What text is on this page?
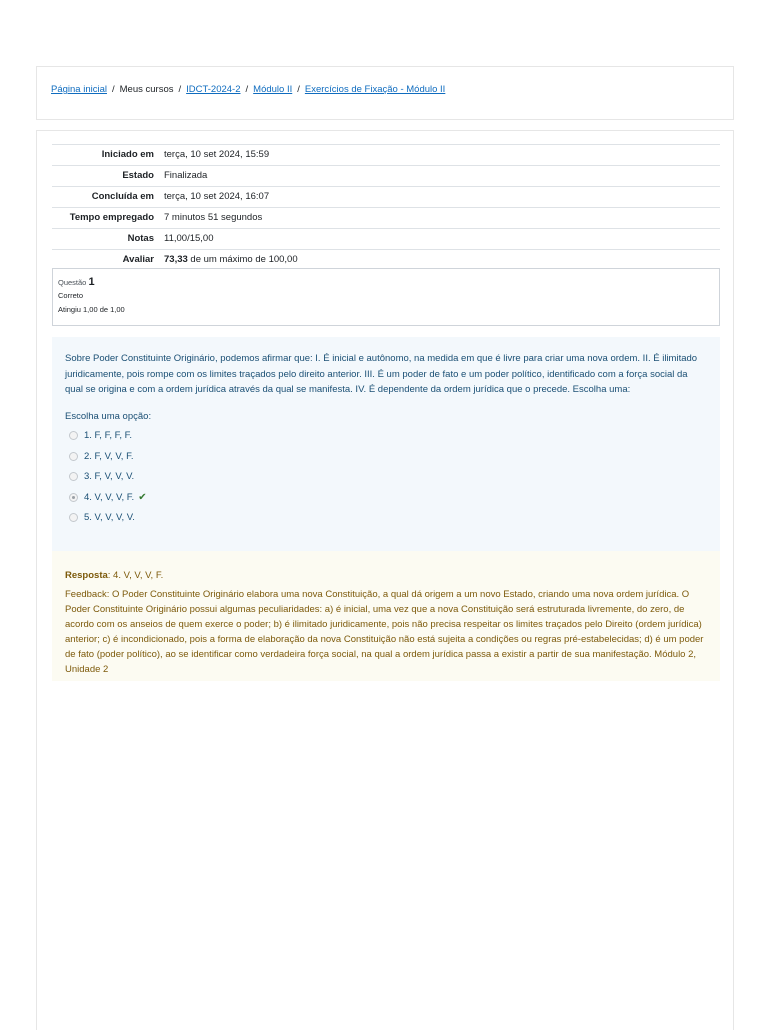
Página inicial / Meus cursos / IDCT-2024-2 / Módulo II / Exercícios de Fixação - Módulo II
Iniciado em	terça, 10 set 2024, 15:59
Estado	Finalizada
Concluída em	terça, 10 set 2024, 16:07
Tempo empregado	7 minutos 51 segundos
Notas	11,00/15,00
Avaliar	73,33 de um máximo de 100,00
Questão 1
Correto
Atingiu 1,00 de 1,00
Sobre Poder Constituinte Originário, podemos afirmar que: I. É inicial e autônomo, na medida em que é livre para criar uma nova ordem. II. É ilimitado juridicamente, pois rompe com os limites traçados pelo direito anterior. III. É um poder de fato e um poder político, identificado com a força social da qual se origina e com a ordem jurídica através da qual se manifesta. IV. É dependente da ordem jurídica que o precede. Escolha uma:
Escolha uma opção:
1. F, F, F, F.
2. F, V, V, F.
3. F, V, V, V.
4. V, V, V, F. ✔
5. V, V, V, V.
Resposta: 4. V, V, V, F.
Feedback: O Poder Constituinte Originário elabora uma nova Constituição, a qual dá origem a um novo Estado, criando uma nova ordem jurídica. O Poder Constituinte Originário possui algumas peculiaridades: a) é inicial, uma vez que a nova Constituição será estruturada livremente, do zero, de acordo com os anseios de quem exerce o poder; b) é ilimitado juridicamente, pois não precisa respeitar os limites traçados pelo Direito (ordem jurídica) anterior; c) é incondicionado, pois a forma de elaboração da nova Constituição não está sujeita a condições ou regras pré-estabelecidas; d) é um poder de fato (poder político), ao se identificar como verdadeira força social, na qual a ordem jurídica passa a existir a partir de sua manifestação. Módulo 2, Unidade 2
